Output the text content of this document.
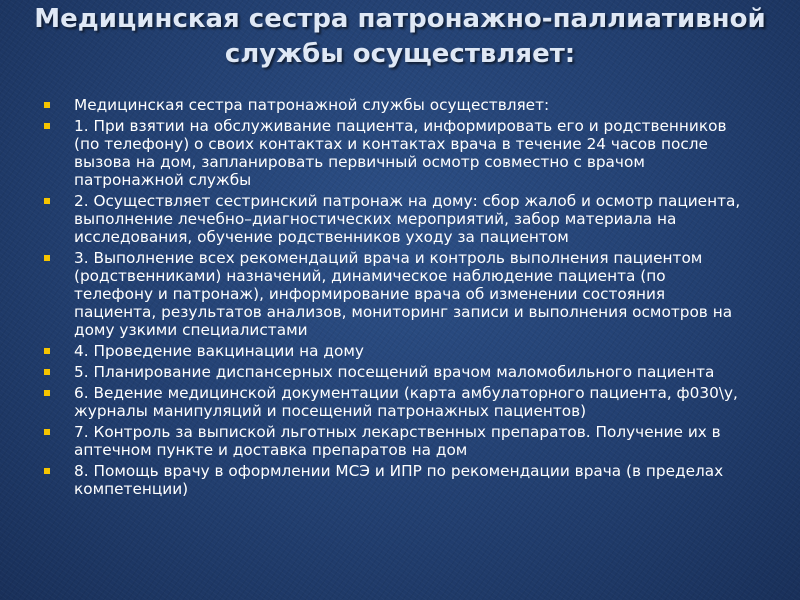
Медицинская сестра патронажно-паллиативной службы осуществляет:
Медицинская сестра патронажной службы осуществляет:
1. При взятии на обслуживание пациента, информировать его и родственников (по телефону) о своих контактах и контактах врача в течение 24 часов после вызова на дом, запланировать первичный осмотр совместно с врачом патронажной службы
2. Осуществляет сестринский патронаж на дому: сбор жалоб и осмотр пациента, выполнение лечебно–диагностических мероприятий, забор материала на исследования, обучение родственников уходу за пациентом
3. Выполнение всех рекомендаций врача и контроль выполнения пациентом (родственниками) назначений, динамическое наблюдение пациента (по телефону и патронаж), информирование врача об изменении состояния пациента, результатов анализов, мониторинг записи и выполнения осмотров на дому узкими специалистами
4. Проведение вакцинации на дому
5. Планирование диспансерных посещений врачом маломобильного пациента
6. Ведение медицинской документации (карта амбулаторного пациента, ф030\у, журналы манипуляций и посещений патронажных пациентов)
7. Контроль за выпиской льготных лекарственных препаратов. Получение их в аптечном пункте и доставка препаратов на дом
8. Помощь врачу в оформлении МСЭ и ИПР по рекомендации врача (в пределах компетенции)
